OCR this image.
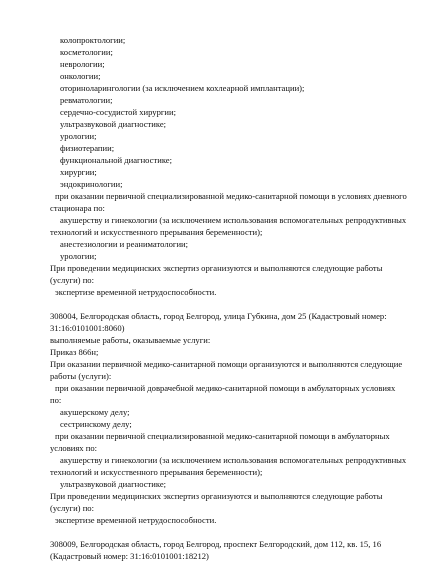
колопроктологии;
косметологии;
неврологии;
онкологии;
оториноларингологии (за исключением кохлеарной имплантации);
ревматологии;
сердечно-сосудистой хирургии;
ультразвуковой диагностике;
урологии;
физиотерапии;
функциональной диагностике;
хирургии;
эндокринологии;
при оказании первичной специализированной медико-санитарной помощи в условиях дневного
стационара по:
акушерству и гинекологии (за исключением использования вспомогательных репродуктивных
технологий и искусственного прерывания беременности);
анестезиологии и реаниматологии;
урологии;
При проведении медицинских экспертиз организуются и выполняются следующие работы
(услуги) по:
экспертизе временной нетрудоспособности.
308004, Белгородская область, город Белгород, улица Губкина, дом 25 (Кадастровый номер:
31:16:0101001:8060)
выполняемые работы, оказываемые услуги:
Приказ 866н;
При оказании первичной медико-санитарной помощи организуются и выполняются следующие
работы (услуги):
при оказании первичной доврачебной медико-санитарной помощи в амбулаторных условиях
по:
акушерскому делу;
сестринскому делу;
при оказании первичной специализированной медико-санитарной помощи в амбулаторных
условиях по:
акушерству и гинекологии (за исключением использования вспомогательных репродуктивных
технологий и искусственного прерывания беременности);
ультразвуковой диагностике;
При проведении медицинских экспертиз организуются и выполняются следующие работы
(услуги) по:
экспертизе временной нетрудоспособности.
308009, Белгородская область, город Белгород, проспект Белгородский, дом 112, кв. 15, 16
(Кадастровый номер: 31:16:0101001:18212)
